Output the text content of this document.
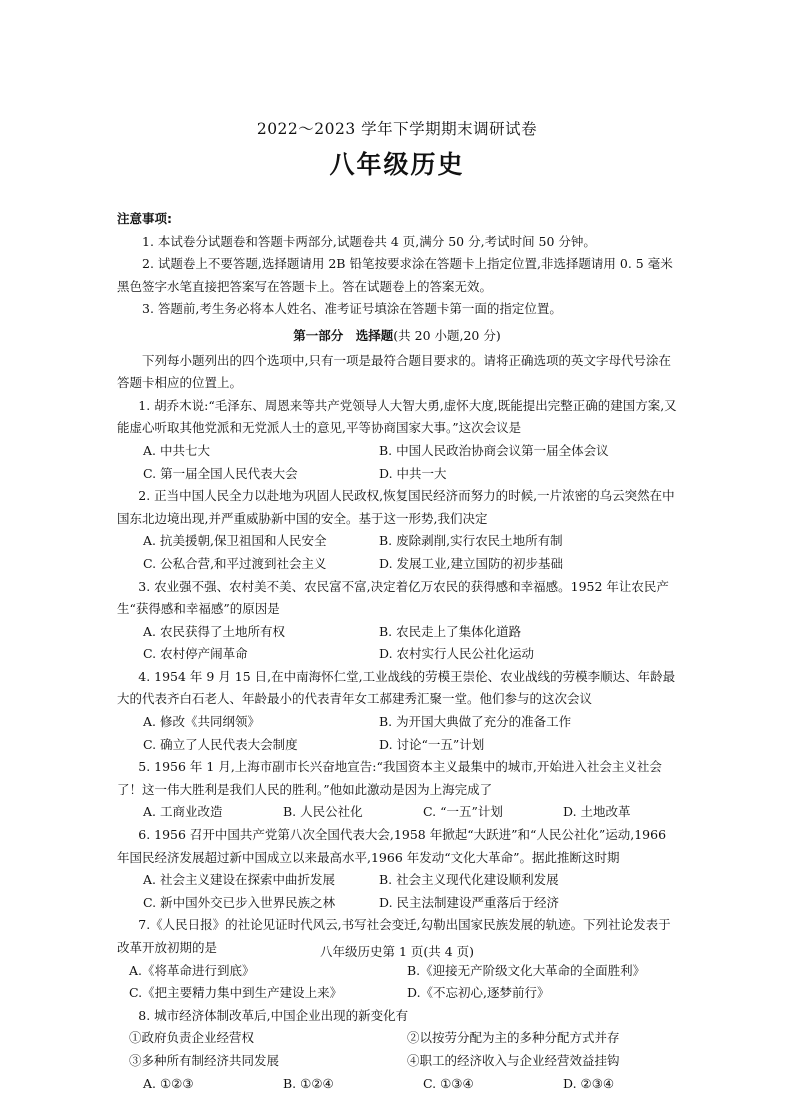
2022～2023 学年下学期期末调研试卷
八年级历史
注意事项:

1. 本试卷分试题卷和答题卡两部分,试题卷共 4 页,满分 50 分,考试时间 50 分钟。

2. 试题卷上不要答题,选择题请用 2B 铅笔按要求涂在答题卡上指定位置,非选择题请用 0. 5 毫米黑色签字水笔直接把答案写在答题卡上。答在试题卷上的答案无效。

3. 答题前,考生务必将本人姓名、准考证号填涂在答题卡第一面的指定位置。

第一部分　选择题(共 20 小题,20 分)

下列每小题列出的四个选项中,只有一项是最符合题目要求的。请将正确选项的英文字母代号涂在答题卡相应的位置上。

1. 胡乔木说:“毛泽东、周恩来等共产党领导人大智大勇,虚怀大度,既能提出完整正确的建国方案,又能虚心听取其他党派和无党派人士的意见,平等协商国家大事。”这次会议是

A. 中共七大	B. 中国人民政治协商会议第一届全体会议
C. 第一届全国人民代表大会	D. 中共一大

2. 正当中国人民全力以赴地为巩固人民政权,恢复国民经济而努力的时候,一片浓密的乌云突然在中国东北边境出现,并严重威胁新中国的安全。基于这一形势,我们决定

A. 抗美援朝,保卫祖国和人民安全	B. 废除剥削,实行农民土地所有制
C. 公私合营,和平过渡到社会主义	D. 发展工业,建立国防的初步基础

3. 农业强不强、农村美不美、农民富不富,决定着亿万农民的获得感和幸福感。1952 年让农民产生“获得感和幸福感”的原因是

A. 农民获得了土地所有权	B. 农民走上了集体化道路
C. 农村停产闹革命	D. 农村实行人民公社化运动

4. 1954 年 9 月 15 日,在中南海怀仁堂,工业战线的劳模王崇伦、农业战线的劳模李顺达、年龄最大的代表齐白石老人、年龄最小的代表青年女工郝建秀汇聚一堂。他们参与的这次会议

A. 修改《共同纲领》	B. 为开国大典做了充分的准备工作
C. 确立了人民代表大会制度	D. 讨论“一五”计划

5. 1956 年 1 月,上海市副市长兴奋地宣告:“我国资本主义最集中的城市,开始进入社会主义社会了！这一伟大胜利是我们人民的胜利。”他如此激动是因为上海完成了

A. 工商业改造	B. 人民公社化	C. “一五”计划	D. 土地改革

6. 1956 召开中国共产党第八次全国代表大会,1958 年掀起“大跃进”和“人民公社化”运动,1966 年国民经济发展超过新中国成立以来最高水平,1966 年发动“文化大革命”。据此推断这时期

A. 社会主义建设在探索中曲折发展	B. 社会主义现代化建设顺利发展
C. 新中国外交已步入世界民族之林	D. 民主法制建设严重落后于经济

7.《人民日报》的社论见证时代风云,书写社会变迁,勾勒出国家民族发展的轨迹。下列社论发表于改革开放初期的是

A.《将革命进行到底》	B.《迎接无产阶级文化大革命的全面胜利》
C.《把主要精力集中到生产建设上来》	D.《不忘初心,逐梦前行》

8. 城市经济体制改革后,中国企业出现的新变化有

①政府负责企业经营权	②以按劳分配为主的多种分配方式并存
③多种所有制经济共同发展	④职工的经济收入与企业经营效益挂钩
A. ①②③	B. ①②④	C. ①③④	D. ②③④
八年级历史第 1 页(共 4 页)
